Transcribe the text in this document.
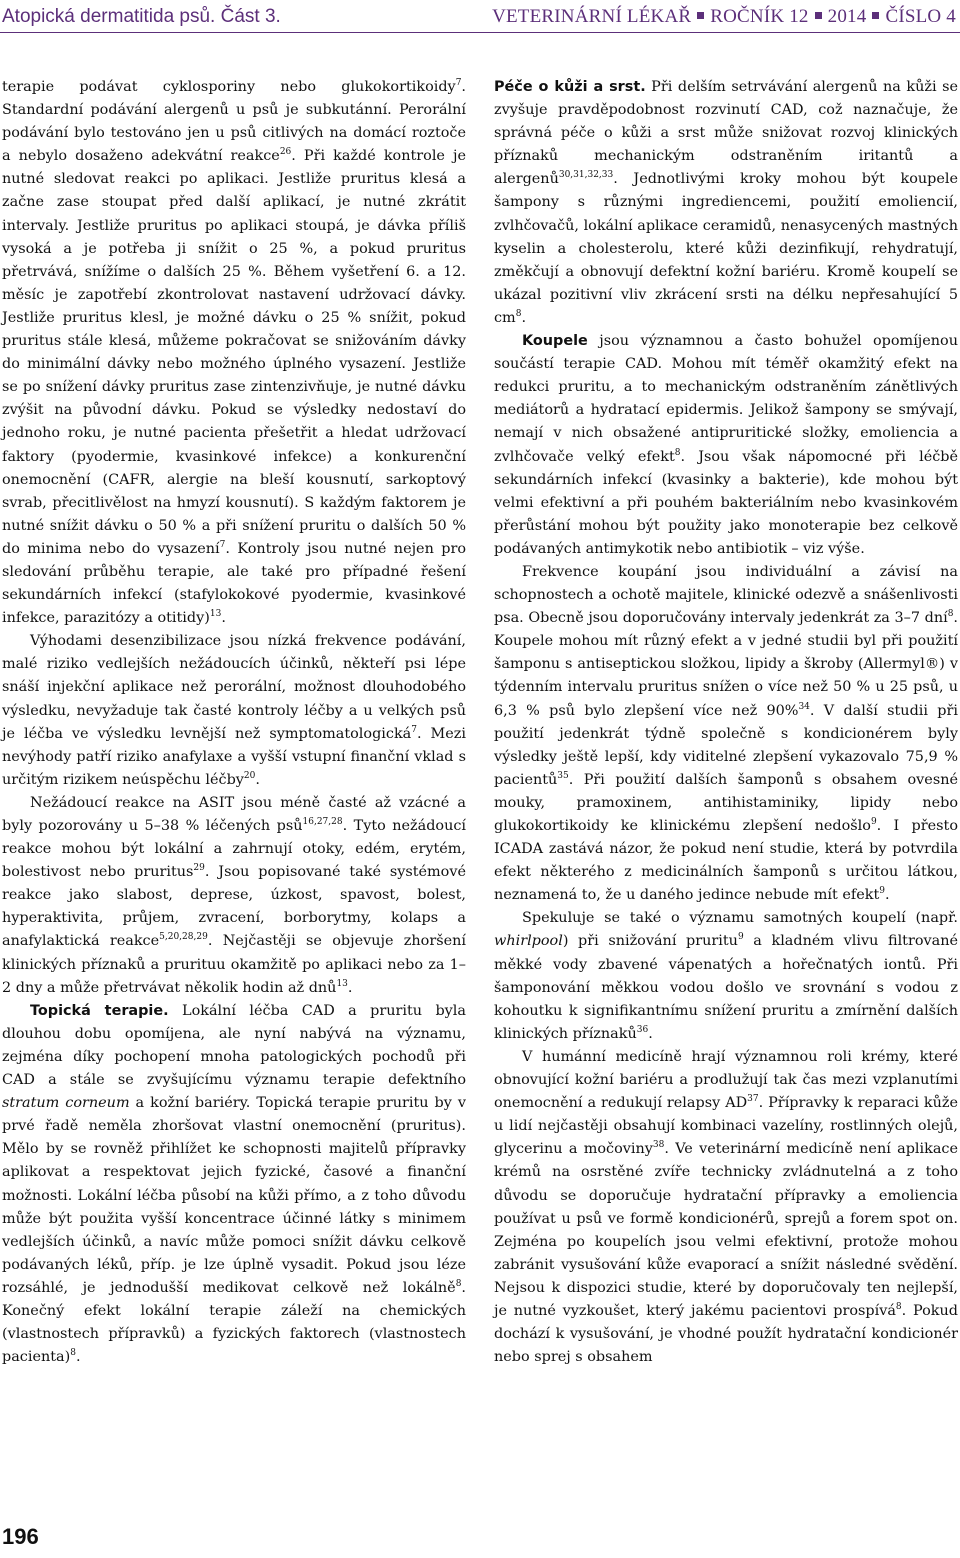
Atopická dermatitida psů. Část 3.	VETERINÁRNÍ LÉKAŘ ROČNÍK 12 2014 ČÍSLO 4

terapie podávat cyklosporiny nebo glukokortikoidy$^7$. Standardní podávání alergenů u psů je subkutánní. Perorální podávání bylo testováno jen u psů citlivých na domácí roztoče a nebylo dosaženo adekvátní reakce$^{26}$. Při každé kontrole je nutné sledovat reakci po aplikaci. Jestliže pruritus klesá a začne zase stoupat před další aplikací, je nutné zkrátit intervaly. Jestliže pruritus po aplikaci stoupá, je dávka příliš vysoká a je potřeba ji snížit o 25 %, a pokud pruritus přetrvává, snížíme o dalších 25 %. Během vyšetření 6. a 12. měsíc je zapotřebí zkontrolovat nastavení udržovací dávky. Jestliže pruritus klesl, je možné dávku o 25 % snížit, pokud pruritus stále klesá, můžeme pokračovat se snižováním dávky do minimální dávky nebo možného úplného vysazení. Jestliže se po snížení dávky pruritus zase zintenzivňuje, je nutné dávku zvýšit na původní dávku. Pokud se výsledky nedostaví do jednoho roku, je nutné pacienta přešetřit a hledat udržovací faktory (pyodermie, kvasinkové infekce) a konkurenční onemocnění (CAFR, alergie na bleší kousnutí, sarkoptový svrab, přecitlivělost na hmyzí kousnutí). S každým faktorem je nutné snížit dávku o 50 % a při snížení pruritu o dalších 50 % do minima nebo do vysazení$^7$. Kontroly jsou nutné nejen pro sledování průběhu terapie, ale také pro případné řešení sekundárních infekcí (stafylokokové pyodermie, kvasinkové infekce, parazitózy a otitidy)$^{13}$.

Výhodami desenzibilizace jsou nízká frekvence podávání, malé riziko vedlejších nežádoucích účinků, někteří psi lépe snáší injekční aplikace než perorální, možnost dlouhodobého výsledku, nevyžaduje tak časté kontroly léčby a u velkých psů je léčba ve výsledku levnější než symptomatologická$^7$. Mezi nevýhody patří riziko anafylaxe a vyšší vstupní finanční vklad s určitým rizikem neúspěchu léčby$^{20}$.

Nežádoucí reakce na ASIT jsou méně časté až vzácné a byly pozorovány u 5–38 % léčených psů$^{16,27,28}$. Tyto nežádoucí reakce mohou být lokální a zahrnují otoky, edém, erytém, bolestivost nebo pruritus$^{29}$. Jsou popisované také systémové reakce jako slabost, deprese, úzkost, spavost, bolest, hyperaktivita, průjem, zvracení, borborytmy, kolaps a anafylaktická reakce$^{5,20,28,29}$. Nejčastěji se objevuje zhoršení klinických příznaků a prurituu okamžitě po aplikaci nebo za 1–2 dny a může přetrvávat několik hodin až dnů$^{13}$.

Topická terapie. Lokální léčba CAD a pruritu byla dlouhou dobu opomíjena, ale nyní nabývá na významu, zejména díky pochopení mnoha patologických pochodů při CAD a stále se zvyšujícímu významu terapie defektního stratum corneum a kožní bariéry. Topická terapie pruritu by v prvé řadě neměla zhoršovat vlastní onemocnění (pruritus). Mělo by se rovněž přihlížet ke schopnosti majitelů přípravky aplikovat a respektovat jejich fyzické, časové a finanční možnosti. Lokální léčba působí na kůži přímo, a z toho důvodu může být použita vyšší koncentrace účinné látky s minimem vedlejších účinků, a navíc může pomoci snížit dávku celkově podávaných léků, příp. je lze úplně vysadit. Pokud jsou léze rozsáhlé, je jednodušší medikovat celkově než lokálně$^8$. Konečný efekt lokální terapie záleží na chemických (vlastnostech přípravků) a fyzických faktorech (vlastnostech pacienta)$^8$.

Péče o kůži a srst. Při delším setrvávání alergenů na kůži se zvyšuje pravděpodobnost rozvinutí CAD, což naznačuje, že správná péče o kůži a srst může snižovat rozvoj klinických příznaků mechanickým odstraněním iritantů a alergenů$^{30,31,32,33}$. Jednotlivými kroky mohou být koupele šampony s různými ingrediencemi, použití emoliencií, zvlhčovačů, lokální aplikace ceramidů, nenasycených mastných kyselin a cholesterolu, které kůži dezinfikují, rehydratují, změkčují a obnovují defektní kožní bariéru. Kromě koupelí se ukázal pozitivní vliv zkrácení srsti na délku nepřesahující 5 $cm^8$.

Koupele jsou významnou a často bohužel opomíjenou součástí terapie CAD. Mohou mít téměř okamžitý efekt na redukci pruritu, a to mechanickým odstraněním zánětlivých mediátorů a hydratací epidermis. Jelikož šampony se smývají, nemají v nich obsažené antipruritické složky, emoliencia a zvlhčovače velký efekt$^8$. Jsou však nápomocné při léčbě sekundárních infekcí (kvasinky a bakterie), kde mohou být velmi efektivní a při pouhém bakteriálním nebo kvasinkovém přerůstání mohou být použity jako monoterapie bez celkově podávaných antimykotik nebo antibiotik – viz výše.

Frekvence koupání jsou individuální a závisí na schopnostech a ochotě majitele, klinické odezvě a snášenlivosti psa. Obecně jsou doporučovány intervaly jedenkrát za 3–7 dní$^8$. Koupele mohou mít různý efekt a v jedné studii byl při použití šamponu s antiseptickou složkou, lipidy a škroby (Allermyl®) v týdenním intervalu pruritus snížen o více než 50 % u 25 psů, u 6,3 % psů bylo zlepšení více než 90%$^{34}$. V další studii při použití jedenkrát týdně společně s kondicionérem byly výsledky ještě lepší, kdy viditelné zlepšení vykazovalo 75,9 % pacientů$^{35}$. Při použití dalších šamponů s obsahem ovesné mouky, pramoxinem, antihistaminiky, lipidy nebo glukokortikoidy ke klinickému zlepšení nedošlo$^9$. I přesto ICADA zastává názor, že pokud není studie, která by potvrdila efekt některého z medicinálních šamponů s určitou látkou, neznamená to, že u daného jedince nebude mít efekt$^9$.

Spekuluje se také o významu samotných koupelí (např. whirlpool) při snižování pruritu$^9$ a kladném vlivu filtrované měkké vody zbavené vápenatých a hořečnatých iontů. Při šamponování měkkou vodou došlo ve srovnání s vodou z kohoutku k signifikantnímu snížení pruritu a zmírnění dalších klinických příznaků$^{36}$.

V humánní medicíně hrají významnou roli krémy, které obnovující kožní bariéru a prodlužují tak čas mezi vzplanutími onemocnění a redukují relapsy AD$^{37}$. Přípravky k reparaci kůže u lidí nejčastěji obsahují kombinaci vazelíny, rostlinných olejů, glycerinu a močoviny$^{38}$. Ve veterinární medicíně není aplikace krémů na osrstěné zvíře technicky zvládnutelná a z toho důvodu se doporučuje hydratační přípravky a emoliencia používat u psů ve formě kondicionérů, sprejů a forem spot on. Zejména po koupelích jsou velmi efektivní, protože mohou zabránit vysušování kůže evaporací a snížit následné svědění. Nejsou k dispozici studie, které by doporučovaly ten nejlepší, je nutné vyzkoušet, který jakému pacientovi prospívá$^8$. Pokud dochází k vysušování, je vhodné použít hydratační kondicionér nebo sprej s obsahem

196
